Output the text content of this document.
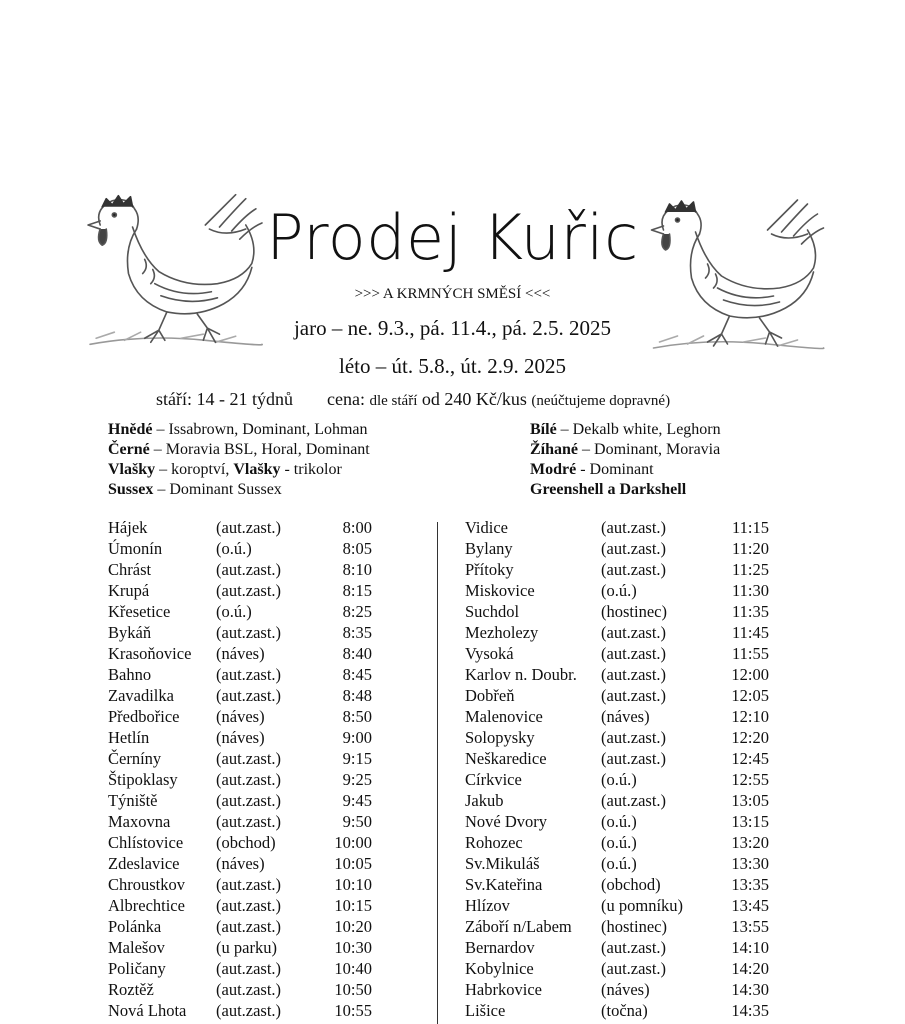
Prodej Kuřic
>>> A KRMNÝCH SMĚSÍ <<<
jaro – ne. 9.3., pá. 11.4., pá. 2.5. 2025
léto – út. 5.8., út. 2.9. 2025
stáří: 14 - 21 týdnů cena: dle stáří od 240 Kč/kus (neúčtujeme dopravné)
Hnědé – Issabrown, Dominant, Lohman
Černé – Moravia BSL, Horal, Dominant
Vlašky – koroptví, Vlašky - trikolor
Sussex – Dominant Sussex
Bílé – Dekalb white, Leghorn
Žíhané – Dominant, Moravia
Modré - Dominant
Greenshell a Darkshell
Hájek	(aut.zast.)	8:00
Úmonín	(o.ú.)	8:05
Chrást	(aut.zast.)	8:10
Krupá	(aut.zast.)	8:15
Křesetice	(o.ú.)	8:25
Bykáň	(aut.zast.)	8:35
Krasoňovice (náves)	8:40
Bahno	(aut.zast.)	8:45
Zavadilka	(aut.zast.)	8:48
Předbořice (náves)	8:50
Hetlín	(náves)	9:00
Černíny	(aut.zast.)	9:15
Štipoklasy (aut.zast.)	9:25
Týniště	(aut.zast.)	9:45
Maxovna	(aut.zast.)	9:50
Chlístovice (obchod)	10:00
Zdeslavice (náves)	10:05
Chroustkov (aut.zast.)	10:10
Albrechtice (aut.zast.)	10:15
Polánka	(aut.zast.)	10:20
Malešov	(u parku)	10:30
Poličany	(aut.zast.)	10:40
Roztěž	(aut.zast.)	10:50
Nová Lhota (aut.zast.)	10:55
Vidice	(aut.zast.)	11:15
Bylany	(aut.zast.)	11:20
Přítoky	(aut.zast.)	11:25
Miskovice	(o.ú.)	11:30
Suchdol	(hostinec)	11:35
Mezholezy	(aut.zast.)	11:45
Vysoká	(aut.zast.)	11:55
Karlov n. Doubr. (aut.zast.)	12:00
Dobřeň	(aut.zast.)	12:05
Malenovice	(náves)	12:10
Solopysky	(aut.zast.)	12:20
Neškaredice	(aut.zast.)	12:45
Církvice	(o.ú.)	12:55
Jakub	(aut.zast.)	13:05
Nové Dvory	(o.ú.)	13:15
Rohozec	(o.ú.)	13:20
Sv.Mikuláš	(o.ú.)	13:30
Sv.Kateřina	(obchod)	13:35
Hlízov	(u pomníku)	13:45
Záboří n/Labem (hostinec)	13:55
Bernardov	(aut.zast.)	14:10
Kobylnice	(aut.zast.)	14:20
Habrkovice	(náves)	14:30
Lišice	(točna)	14:35
